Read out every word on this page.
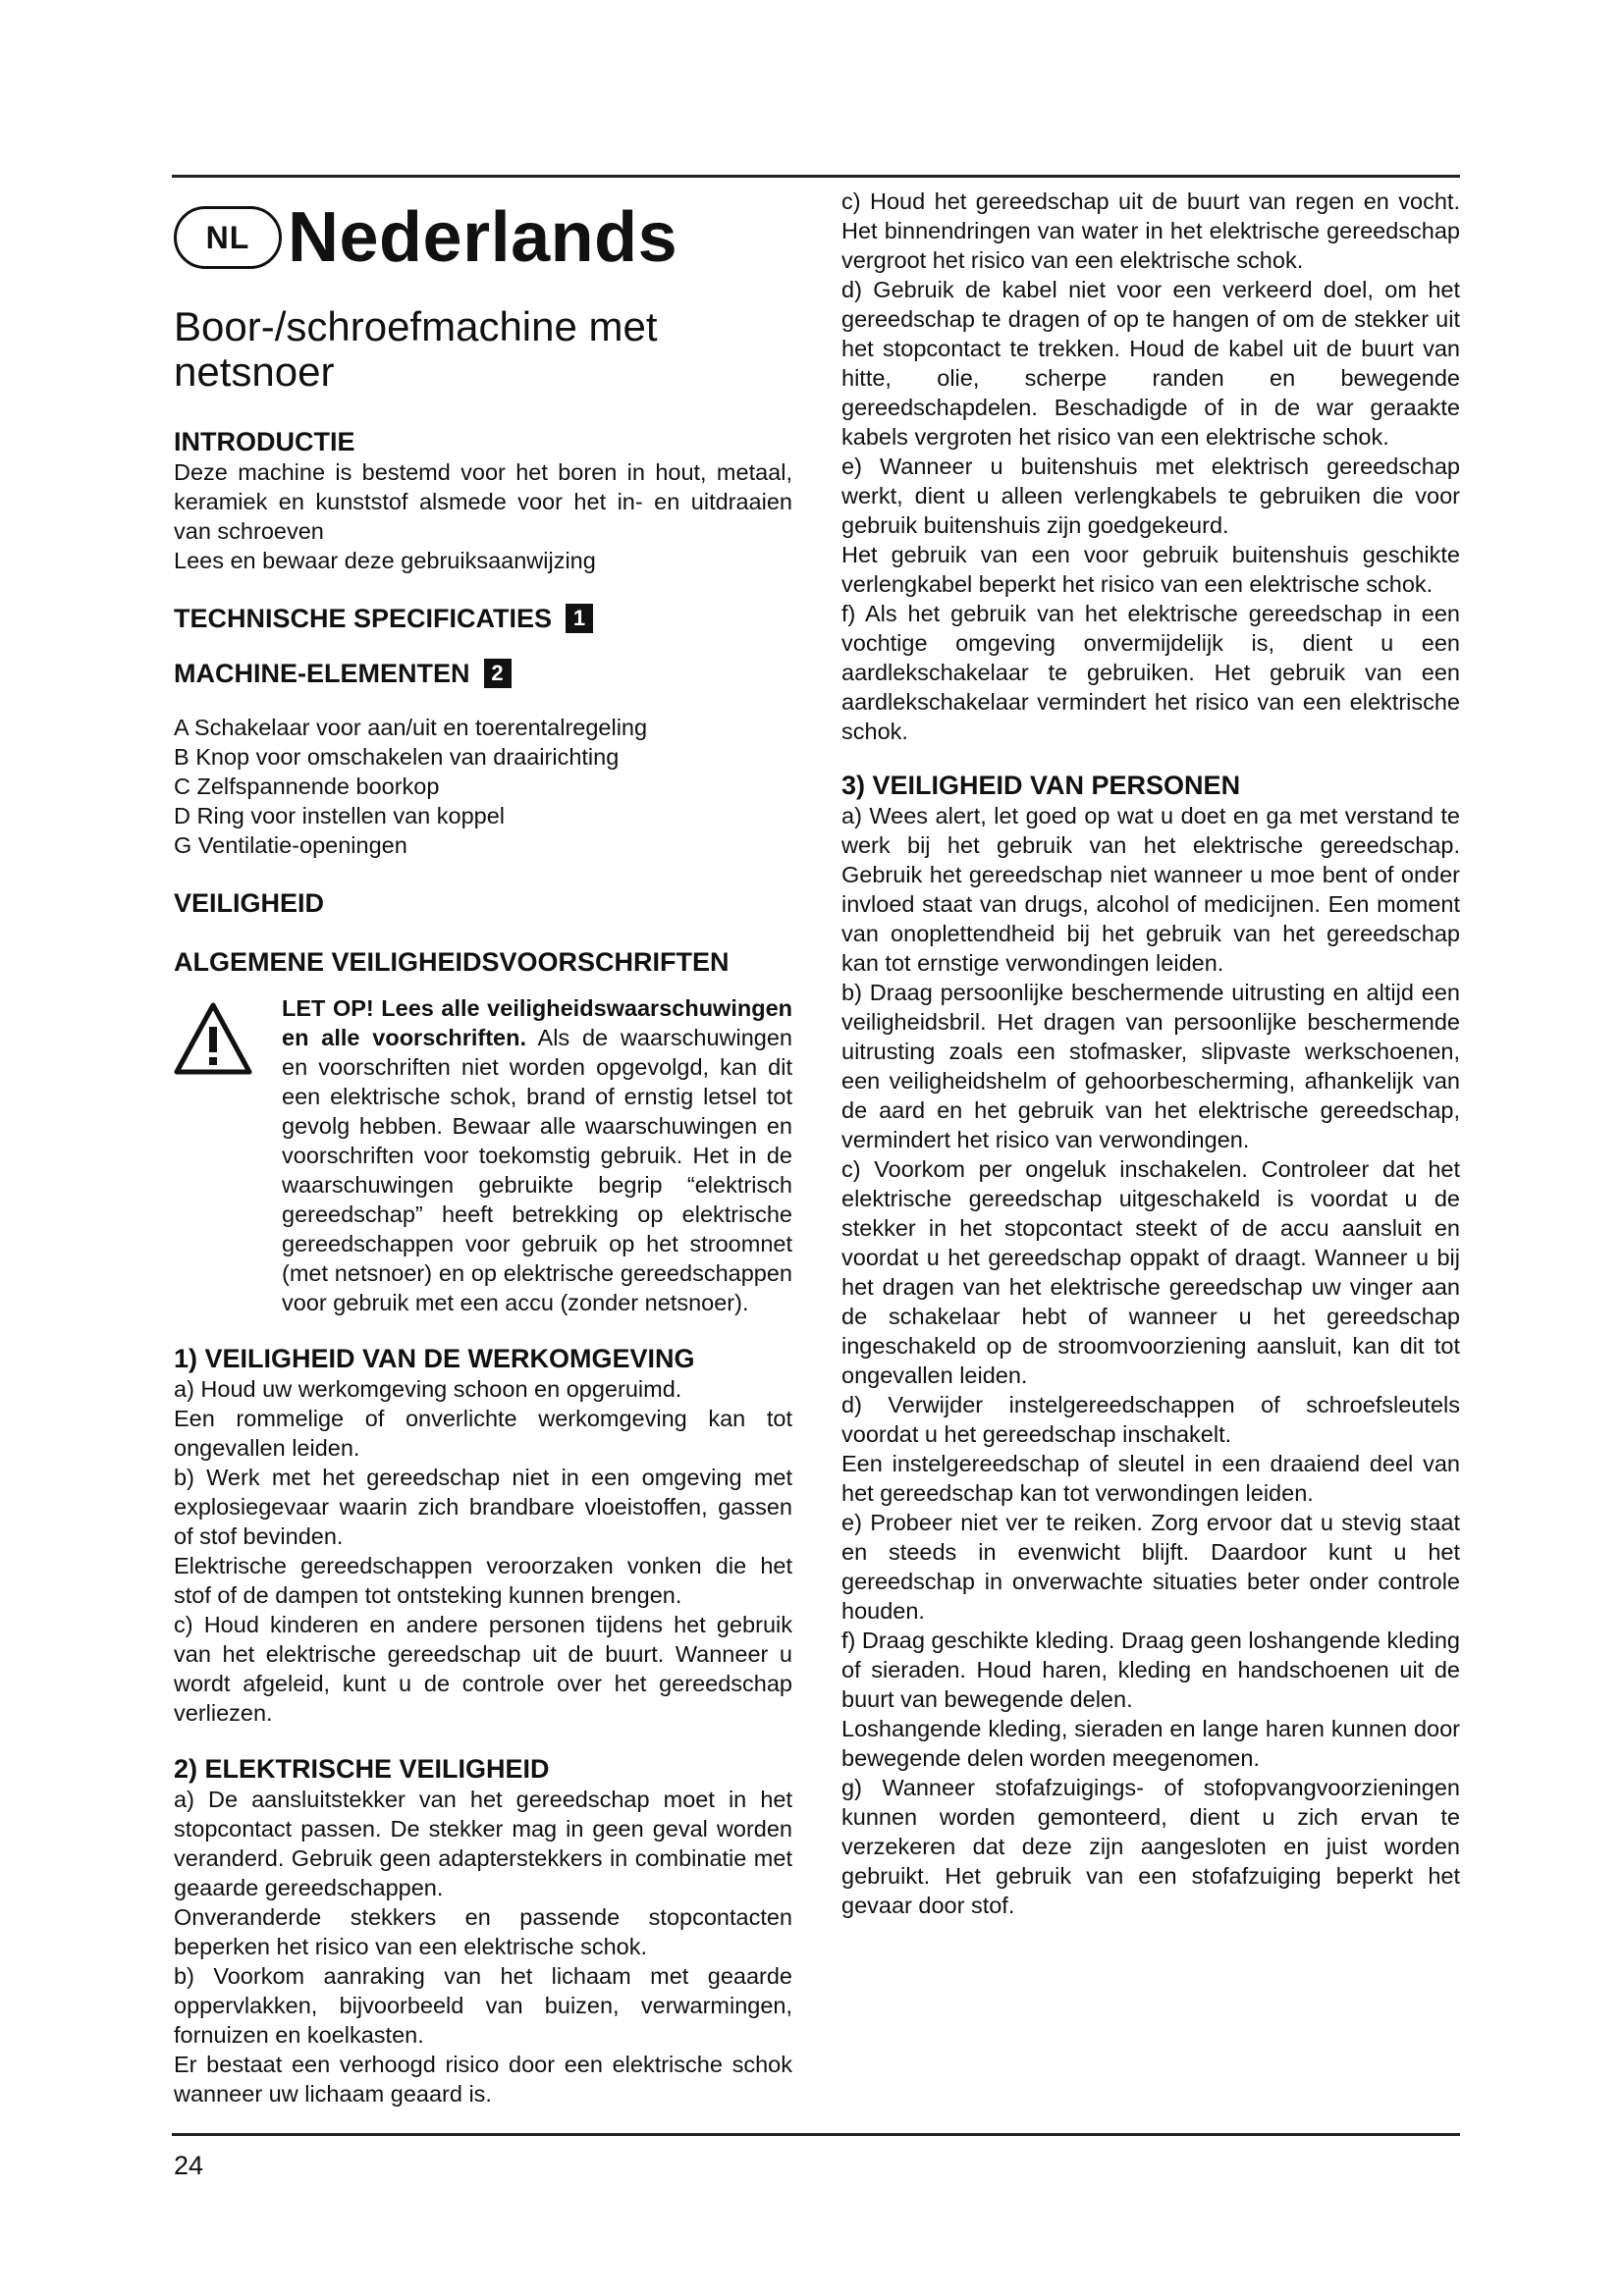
NL Nederlands
Boor-/schroefmachine met netsnoer
INTRODUCTIE

Deze machine is bestemd voor het boren in hout, metaal, keramiek en kunststof alsmede voor het in- en uitdraaien van schroeven

Lees en bewaar deze gebruiksaanwijzing

TECHNISCHE SPECIFICATIES 1
MACHINE-ELEMENTEN 2

A Schakelaar voor aan/uit en toerentalregeling

B Knop voor omschakelen van draairichting

C Zelfspannende boorkop

D Ring voor instellen van koppel

G Ventilatie-openingen

VEILIGHEID
ALGEMENE VEILIGHEIDSVOORSCHRIFTEN

LET OP! Lees alle veiligheidswaarschuwingen en alle voorschriften. Als de waarschuwingen en voorschriften niet worden opgevolgd, kan dit een elektrische schok, brand of ernstig letsel tot gevolg hebben. Bewaar alle waarschuwingen en voorschriften voor toekomstig gebruik. Het in de waarschuwingen gebruikte begrip “elektrisch gereedschap” heeft betrekking op elektrische gereedschappen voor gebruik op het stroomnet (met netsnoer) en op elektrische gereedschappen voor gebruik met een accu (zonder netsnoer).

1) VEILIGHEID VAN DE WERKOMGEVING

a) Houd uw werkomgeving schoon en opgeruimd.

Een rommelige of onverlichte werkomgeving kan tot ongevallen leiden.

b) Werk met het gereedschap niet in een omgeving met explosiegevaar waarin zich brandbare vloeistoffen, gassen of stof bevinden.

Elektrische gereedschappen veroorzaken vonken die het stof of de dampen tot ontsteking kunnen brengen.

c) Houd kinderen en andere personen tijdens het gebruik van het elektrische gereedschap uit de buurt. Wanneer u wordt afgeleid, kunt u de controle over het gereedschap verliezen.

2) ELEKTRISCHE VEILIGHEID

a) De aansluitstekker van het gereedschap moet in het stopcontact passen. De stekker mag in geen geval worden veranderd. Gebruik geen adapterstekkers in combinatie met geaarde gereedschappen.

Onveranderde stekkers en passende stopcontacten beperken het risico van een elektrische schok.

b) Voorkom aanraking van het lichaam met geaarde oppervlakken, bijvoorbeeld van buizen, verwarmingen, fornuizen en koelkasten.

Er bestaat een verhoogd risico door een elektrische schok wanneer uw lichaam geaard is.

c) Houd het gereedschap uit de buurt van regen en vocht. Het binnendringen van water in het elektrische gereedschap vergroot het risico van een elektrische schok.

d) Gebruik de kabel niet voor een verkeerd doel, om het gereedschap te dragen of op te hangen of om de stekker uit het stopcontact te trekken. Houd de kabel uit de buurt van hitte, olie, scherpe randen en bewegende gereedschapdelen. Beschadigde of in de war geraakte kabels vergroten het risico van een elektrische schok.

e) Wanneer u buitenshuis met elektrisch gereedschap werkt, dient u alleen verlengkabels te gebruiken die voor gebruik buitenshuis zijn goedgekeurd.

Het gebruik van een voor gebruik buitenshuis geschikte verlengkabel beperkt het risico van een elektrische schok.

f) Als het gebruik van het elektrische gereedschap in een vochtige omgeving onvermijdelijk is, dient u een aardlekschakelaar te gebruiken. Het gebruik van een aardlekschakelaar vermindert het risico van een elektrische schok.

3) VEILIGHEID VAN PERSONEN

a) Wees alert, let goed op wat u doet en ga met verstand te werk bij het gebruik van het elektrische gereedschap. Gebruik het gereedschap niet wanneer u moe bent of onder invloed staat van drugs, alcohol of medicijnen. Een moment van onoplettendheid bij het gebruik van het gereedschap kan tot ernstige verwondingen leiden.

b) Draag persoonlijke beschermende uitrusting en altijd een veiligheidsbril. Het dragen van persoonlijke beschermende uitrusting zoals een stofmasker, slipvaste werkschoenen, een veiligheidshelm of gehoorbescherming, afhankelijk van de aard en het gebruik van het elektrische gereedschap, vermindert het risico van verwondingen.

c) Voorkom per ongeluk inschakelen. Controleer dat het elektrische gereedschap uitgeschakeld is voordat u de stekker in het stopcontact steekt of de accu aansluit en voordat u het gereedschap oppakt of draagt. Wanneer u bij het dragen van het elektrische gereedschap uw vinger aan de schakelaar hebt of wanneer u het gereedschap ingeschakeld op de stroomvoorziening aansluit, kan dit tot ongevallen leiden.

d) Verwijder instelgereedschappen of schroefsleutels voordat u het gereedschap inschakelt.

Een instelgereedschap of sleutel in een draaiend deel van het gereedschap kan tot verwondingen leiden.

e) Probeer niet ver te reiken. Zorg ervoor dat u stevig staat en steeds in evenwicht blijft. Daardoor kunt u het gereedschap in onverwachte situaties beter onder controle houden.

f) Draag geschikte kleding. Draag geen loshangende kleding of sieraden. Houd haren, kleding en handschoenen uit de buurt van bewegende delen.

Loshangende kleding, sieraden en lange haren kunnen door bewegende delen worden meegenomen.

g) Wanneer stofafzuigings- of stofopvangvoorzieningen kunnen worden gemonteerd, dient u zich ervan te verzekeren dat deze zijn aangesloten en juist worden gebruikt. Het gebruik van een stofafzuiging beperkt het gevaar door stof.

24
